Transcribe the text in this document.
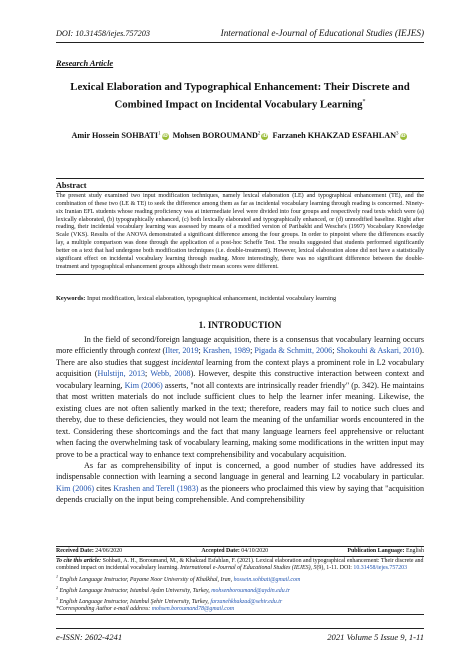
DOI: 10.31458/iejes.757203	International e-Journal of Educational Studies (IEJES)
Research Article
Lexical Elaboration and Typographical Enhancement: Their Discrete and
Combined Impact on Incidental Vocabulary Learning*
Amir Hossein SOHBATI$^1$iD Mohsen BOROUMAND$^2$iD Farzaneh KHAKZAD ESFAHLAN$^3$iD
Abstract

The present study examined two input modification techniques, namely lexical elaboration (LE) and typographical enhancement (TE), and the combination of these two (LE & TE) to seek the difference among them as far as incidental vocabulary learning through reading is concerned. Ninety-six Iranian EFL students whose reading proficiency was at intermediate level were divided into four groups and respectively read texts which were (a) lexically elaborated, (b) typographically enhanced, (c) both lexically elaborated and typographically enhanced, or (d) unmodified baseline. Right after reading, their incidental vocabulary learning was assessed by means of a modified version of Paribakht and Wesche's (1997) Vocabulary Knowledge Scale (VKS). Results of the ANOVA demonstrated a significant difference among the four groups. In order to pinpoint where the differences exactly lay, a multiple comparison was done through the application of a post-hoc Scheffe Test. The results suggested that students performed significantly better on a text that had undergone both modification techniques (i.e. double-treatment). However, lexical elaboration alone did not have a statistically significant effect on incidental vocabulary learning through reading. More interestingly, there was no significant difference between the double-treatment and typographical enhancement groups although their mean scores were different.

Keywords: Input modification, lexical elaboration, typographical enhancement, incidental vocabulary learning
1. INTRODUCTION

In the field of second/foreign language acquisition, there is a consensus that vocabulary learning occurs more efficiently through context (Ilter, 2019; Krashen, 1989; Pigada & Schmitt, 2006; Shokouhi & Askari, 2010). There are also studies that suggest incidental learning from the context plays a prominent role in L2 vocabulary acquisition (Hulstijn, 2013; Webb, 2008). However, despite this constructive interaction between context and vocabulary learning, Kim (2006) asserts, "not all contexts are intrinsically reader friendly" (p. 342). He maintains that most written materials do not include sufficient clues to help the learner infer meaning. Likewise, the existing clues are not often saliently marked in the text; therefore, readers may fail to notice such clues and thereby, due to these deficiencies, they would not learn the meaning of the unfamiliar words encountered in the text. Considering these shortcomings and the fact that many language learners feel apprehensive or reluctant when facing the overwhelming task of vocabulary learning, making some modifications in the written input may prove to be a practical way to enhance text comprehensibility and vocabulary acquisition.

As far as comprehensibility of input is concerned, a good number of studies have addressed its indispensable connection with learning a second language in general and learning L2 vocabulary in particular. Kim (2006) cites Krashen and Terell (1983) as the pioneers who proclaimed this view by saying that "acquisition depends crucially on the input being comprehensible. And comprehensibility

Received Date: 24/06/2020	Accepted Date: 04/10/2020	Publication Language: English
To cite this article: Sohbati, A. H., Boroumand, M., & Khakzad Esfahlan, F. (2021). Lexical elaboration and typographical enhancement: Their discrete and combined impact on incidental vocabulary learning. International e-Journal of Educational Studies (IEJES), 5(9), 1-11. DOI: 10.31458/iejes.757203
$^1$ English Language Instructor, Payame Noor University of Khalkhal, Iran, hossein.sohbati@gmail.com
$^2$ English Language Instructor, Istanbul Aydın University, Turkey, mohsenboroumand@aydin.edu.tr
$^3$ English Language Instructor, Istanbul Şehir University, Turkey, farzanehkhakzad@sehir.edu.tr
*Corresponding Author e-mail address: mohsen.boroumand78@gmail.com
e-ISSN: 2602-4241	2021 Volume 5 Issue 9, 1-11
